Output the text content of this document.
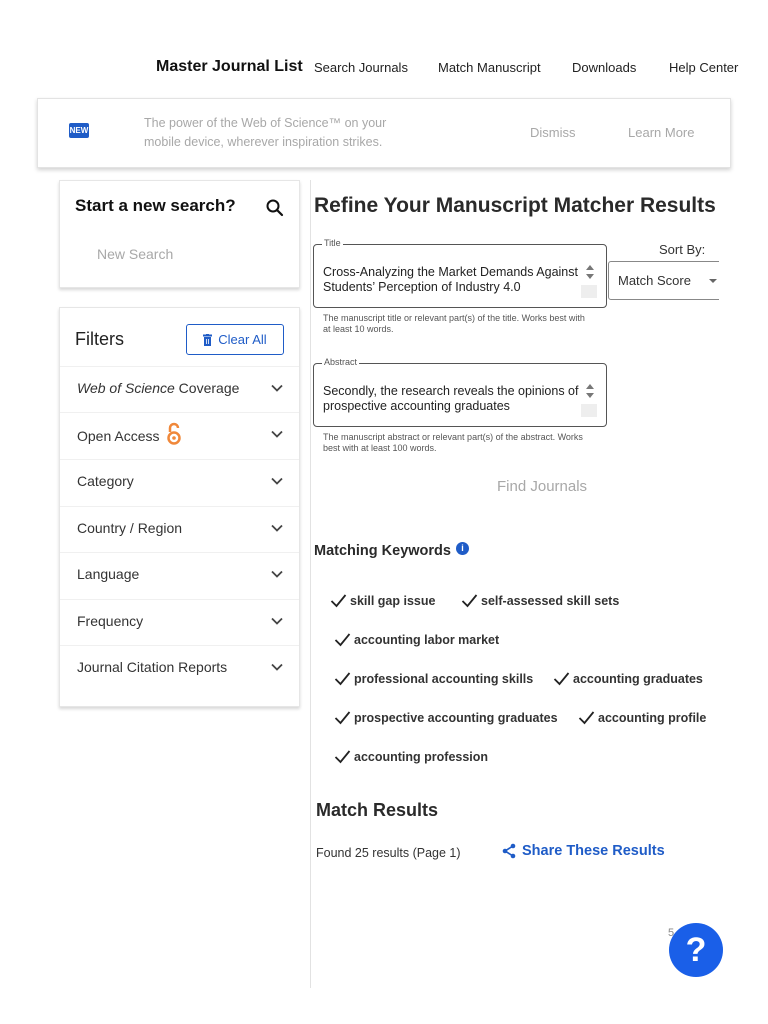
Master Journal List Search Journals Match Manuscript Downloads	Help Center
NEW
The power of the Web of Science™ on your mobile device, wherever inspiration strikes.
Dismiss	Learn More
Start a new search?
New Search
Filters	Clear All
Web of Science Coverage
Open Access
Category
Country / Region
Language
Frequency
Journal Citation Reports
Refine Your Manuscript Matcher Results
Title
Cross-Analyzing the Market Demands Against Students’ Perception of Industry 4.0
The manuscript title or relevant part(s) of the title. Works best with at least 10 words.
Abstract
Secondly, the research reveals the opinions of prospective accounting graduates
The manuscript abstract or relevant part(s) of the abstract. Works best with at least 100 words.
Sort By:
Match Score
Find Journals
Matching Keywords	i
skill gap issue	self-assessed skill sets
accounting labor market
professional accounting skills	accounting graduates
prospective accounting graduates	accounting profile
accounting profession
Match Results
Found 25 results (Page 1)	Share These Results
?
5
